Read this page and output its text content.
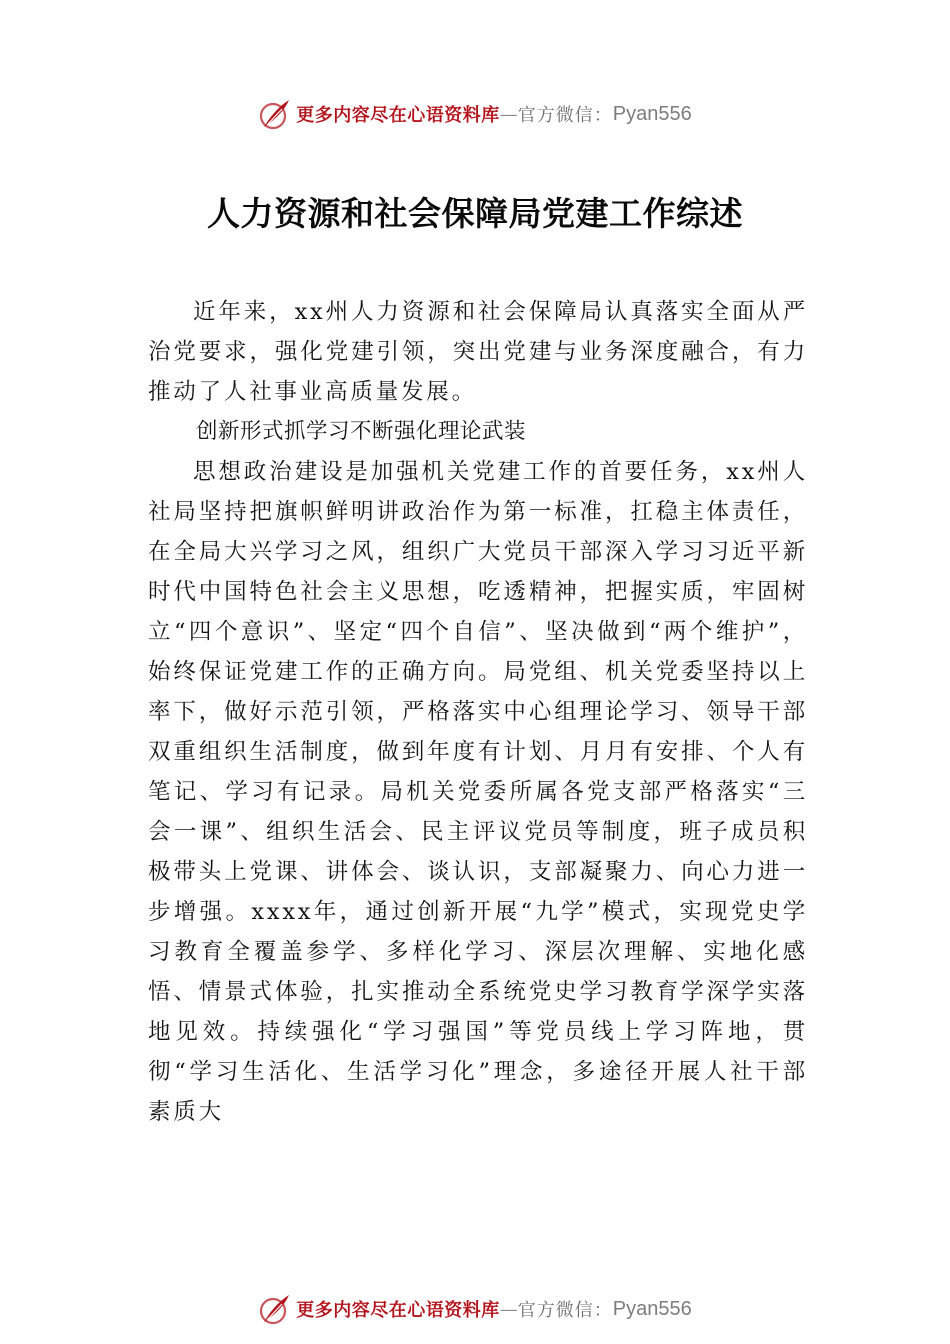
更多内容尽在心语资料库 — 官方微信： Pyan556
人力资源和社会保障局党建工作综述

近年来，xx州人力资源和社会保障局认真落实全面从严治党要求，强化党建引领，突出党建与业务深度融合，有力推动了人社事业高质量发展。

创新形式抓学习不断强化理论武装

思想政治建设是加强机关党建工作的首要任务，xx州人社局坚持把旗帜鲜明讲政治作为第一标准，扛稳主体责任，在全局大兴学习之风，组织广大党员干部深入学习习近平新时代中国特色社会主义思想，吃透精神，把握实质，牢固树立“四个意识”、坚定“四个自信”、坚决做到“两个维护”，始终保证党建工作的正确方向。局党组、机关党委坚持以上率下，做好示范引领，严格落实中心组理论学习、领导干部双重组织生活制度，做到年度有计划、月月有安排、个人有笔记、学习有记录。局机关党委所属各党支部严格落实“三会一课”、组织生活会、民主评议党员等制度，班子成员积极带头上党课、讲体会、谈认识，支部凝聚力、向心力进一步增强。xxxx年，通过创新开展“九学”模式，实现党史学习教育全覆盖参学、多样化学习、深层次理解、实地化感悟、情景式体验，扎实推动全系统党史学习教育学深学实落地见效。持续强化“学习强国”等党员线上学习阵地，贯彻“学习生活化、生活学习化”理念，多途径开展人社干部素质大

更多内容尽在心语资料库 — 官方微信： Pyan556
